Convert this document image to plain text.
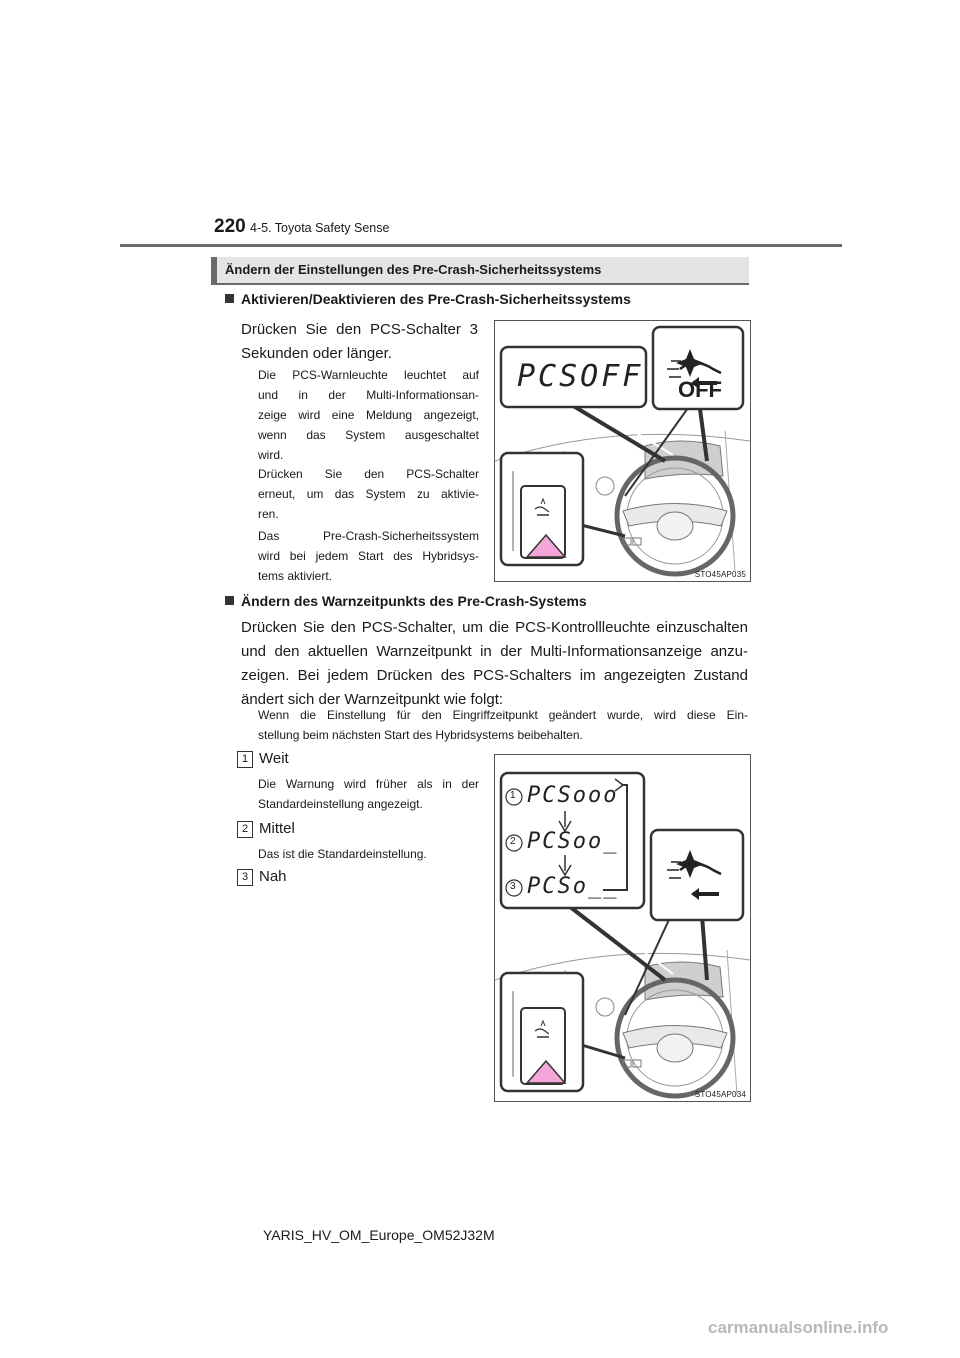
220 4-5. Toyota Safety Sense
Ändern der Einstellungen des Pre-Crash-Sicherheitssystems
Aktivieren/Deaktivieren des Pre-Crash-Sicherheitssystems
Drücken Sie den PCS-Schalter 3
Sekunden oder länger.
Die PCS-Warnleuchte leuchtet auf
und in der Multi-Informationsan-
zeige wird eine Meldung angezeigt,
wenn das System ausgeschaltet
wird.
Drücken Sie den PCS-Schalter
erneut, um das System zu aktivie-
ren.
Das Pre-Crash-Sicherheitssystem
wird bei jedem Start des Hybridsys-
tems aktiviert.
PCSOFF OFF
STO45AP035
Ändern des Warnzeitpunkts des Pre-Crash-Systems
Drücken Sie den PCS-Schalter, um die PCS-Kontrollleuchte einzuschalten
und den aktuellen Warnzeitpunkt in der Multi-Informationsanzeige anzu-
zeigen. Bei jedem Drücken des PCS-Schalters im angezeigten Zustand
ändert sich der Warnzeitpunkt wie folgt:
Wenn die Einstellung für den Eingriffzeitpunkt geändert wurde, wird diese Ein-
stellung beim nächsten Start des Hybridsystems beibehalten.
1 Weit
Die Warnung wird früher als in der
Standardeinstellung angezeigt.
2 Mittel
Das ist die Standardeinstellung.
3 Nah
1
2
3
PCSooo
PCSoo_
PCSo__
STO45AP034
YARIS_HV_OM_Europe_OM52J32M
carmanualsonline.info
